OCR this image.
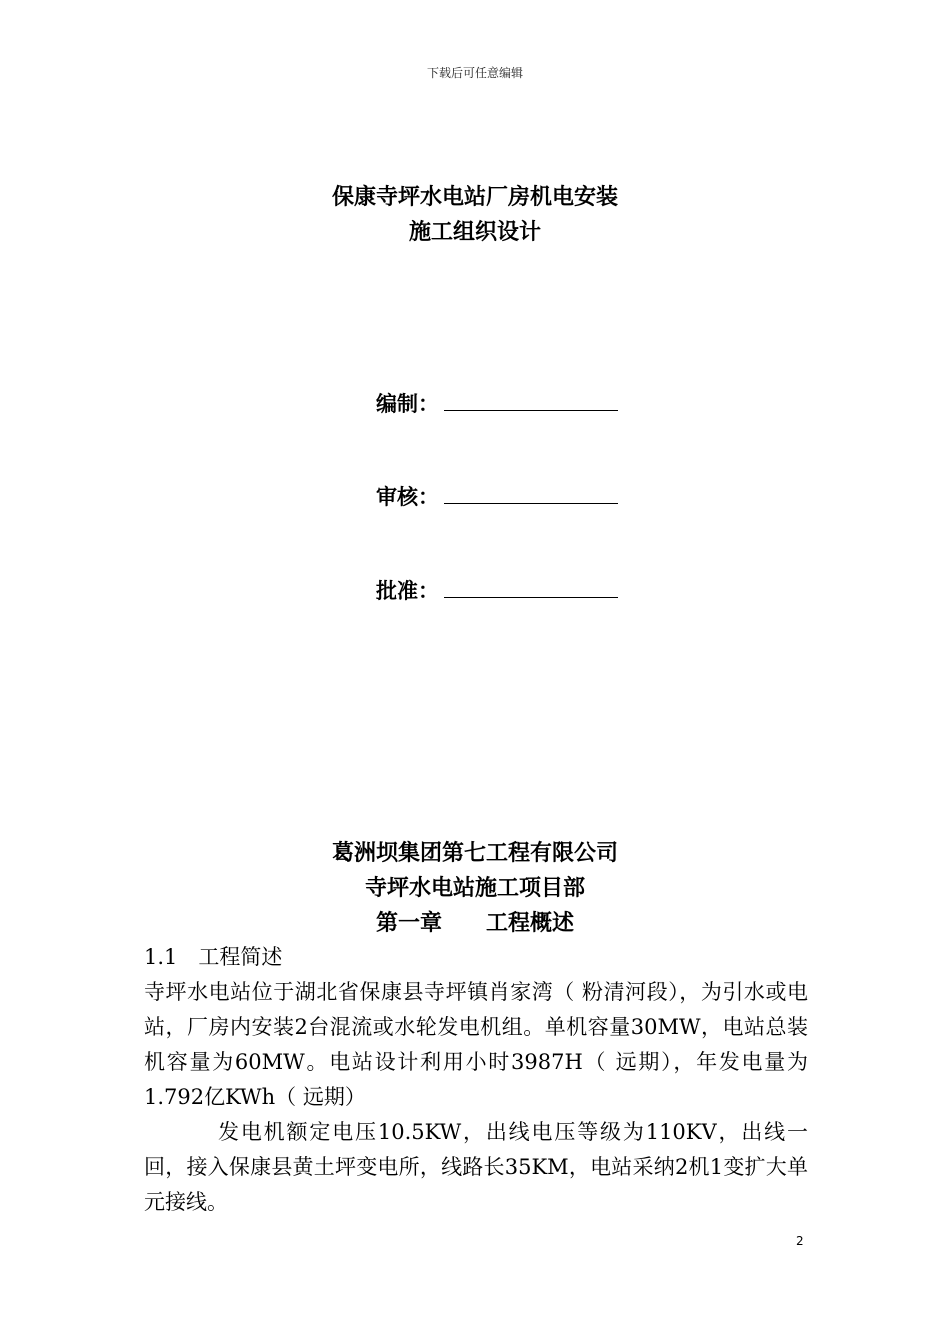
下载后可任意编辑
保康寺坪水电站厂房机电安装
施工组织设计
编制：
审核：
批准：
葛洲坝集团第七工程有限公司
寺坪水电站施工项目部
第一章　　工程概述

1.1　工程简述

寺坪水电站位于湖北省保康县寺坪镇肖家湾（ 粉清河段），为引水或电站，厂房内安装2台混流或水轮发电机组。单机容量30MW，电站总装机容量为60MW。电站设计利用小时3987H（ 远期），年发电量为1.792亿KWh（ 远期）

发电机额定电压10.5KW，出线电压等级为110KV，出线一回，接入保康县黄土坪变电所，线路长35KM，电站采纳2机1变扩大单元接线。

2
